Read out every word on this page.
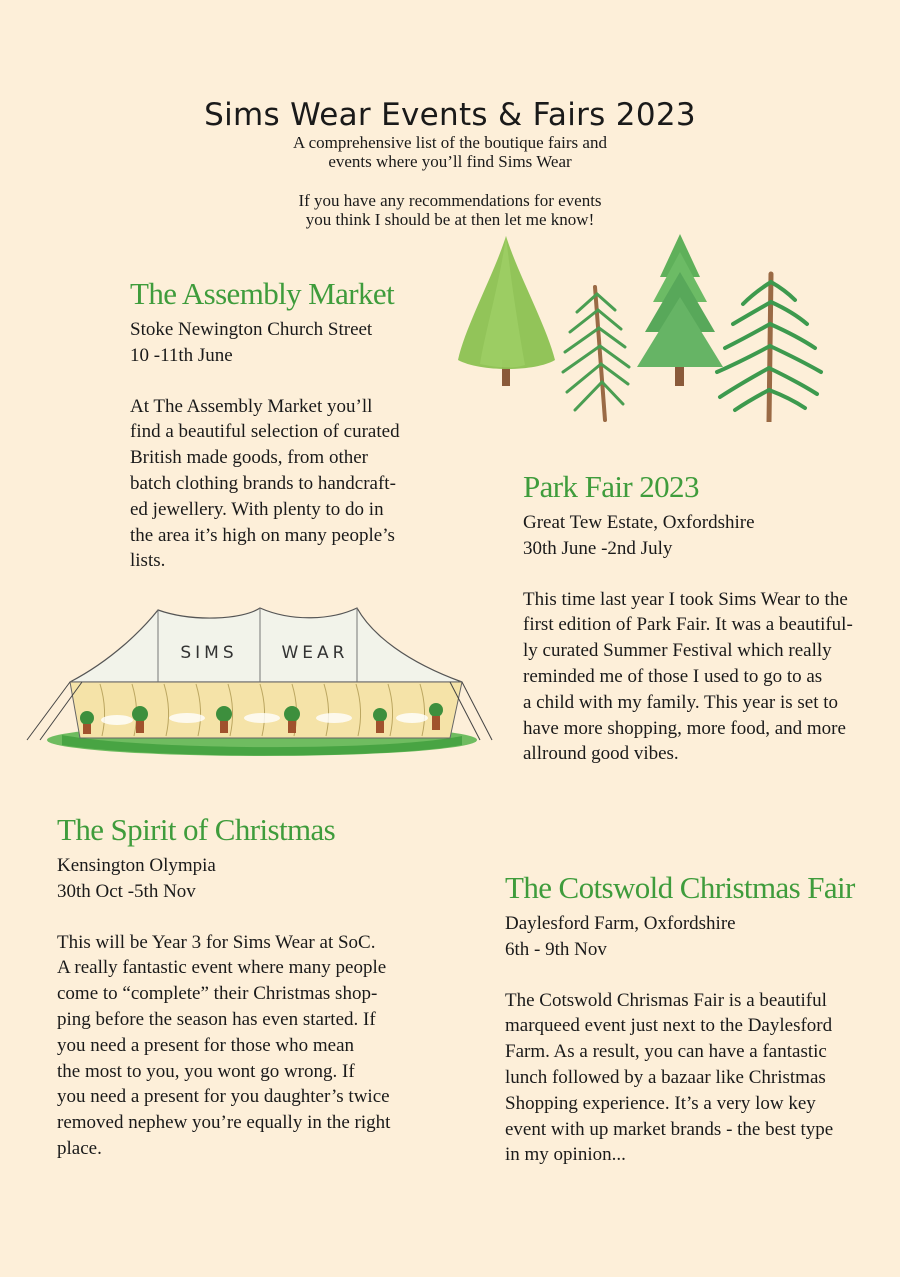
Sims Wear Events & Fairs 2023
A comprehensive list of the boutique fairs and
events where you’ll find Sims Wear
If you have any recommendations for events
you think I should be at then let me know!
The Assembly Market
Stoke Newington Church Street
10 -11th June
At The Assembly Market you’ll
find a beautiful selection of curated
British made goods, from other
batch clothing brands to handcraft-
ed jewellery. With plenty to do in
the area it’s high on many people’s
lists.
Park Fair 2023
Great Tew Estate, Oxfordshire
30th June -2nd July
This time last year I took Sims Wear to the
first edition of Park Fair. It was a beautiful-
ly curated Summer Festival which really
reminded me of those I used to go to as
a child with my family. This year is set to
have more shopping, more food, and more
allround good vibes.
The Spirit of Christmas
Kensington Olympia
30th Oct -5th Nov
This will be Year 3 for Sims Wear at SoC.
A really fantastic event where many people
come to “complete” their Christmas shop-
ping before the season has even started. If
you need a present for those who mean
the most to you, you wont go wrong. If
you need a present for you daughter’s twice
removed nephew you’re equally in the right
place.
The Cotswold Christmas Fair
Daylesford Farm, Oxfordshire
6th - 9th Nov
The Cotswold Chrismas Fair is a beautiful
marqueed event just next to the Daylesford
Farm. As a result, you can have a fantastic
lunch followed by a bazaar like Christmas
Shopping experience. It’s a very low key
event with up market brands - the best type
in my opinion...
SIMS	WEAR
